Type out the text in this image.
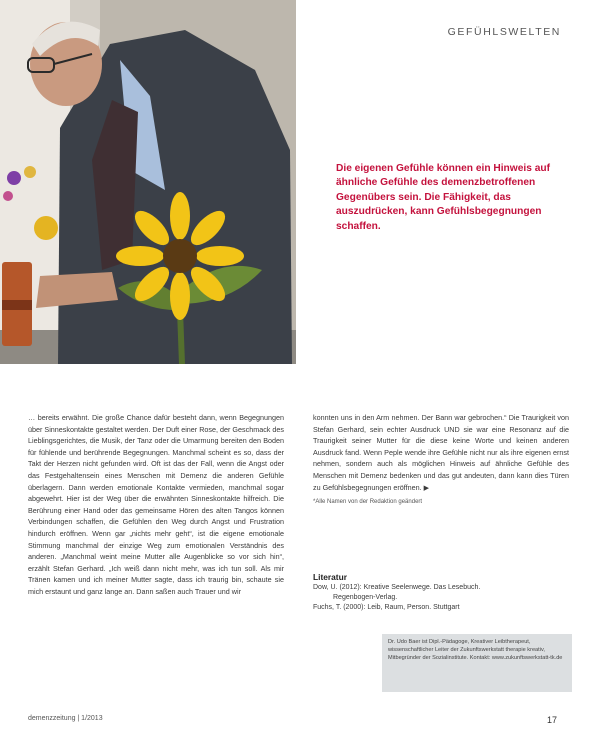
GEFÜHLSWELTEN

Die eigenen Gefühle können ein Hinweis auf ähnliche Gefühle des demenzbetroffenen Gegenübers sein. Die Fähigkeit, das auszudrücken, kann Gefühlsbegegnungen schaffen.

… bereits erwähnt. Die große Chance dafür besteht dann, wenn Begegnungen über Sinneskontakte gestaltet werden. Der Duft einer Rose, der Geschmack des Lieblingsgerichtes, die Musik, der Tanz oder die Umarmung bereiten den Boden für fühlende und berührende Begegnungen. Manchmal scheint es so, dass der Takt der Herzen nicht gefunden wird. Oft ist das der Fall, wenn die Angst oder das Festgehaltensein eines Menschen mit Demenz die anderen Gefühle überlagern. Dann werden emotionale Kontakte vermieden, manchmal sogar abgewehrt. Hier ist der Weg über die erwähnten Sinneskontakte hilfreich. Die Berührung einer Hand oder das gemeinsame Hören des alten Tangos können Verbindungen schaffen, die Gefühlen den Weg durch Angst und Frustration hindurch eröffnen. Wenn gar „nichts mehr geht“, ist die eigene emotionale Stimmung manchmal der einzige Weg zum emotionalen Verständnis des anderen. „Manchmal weint meine Mutter alle Augenblicke so vor sich hin“, erzählt Stefan Gerhard. „Ich weiß dann nicht mehr, was ich tun soll. Als mir Tränen kamen und ich meiner Mutter sagte, dass ich traurig bin, schaute sie mich erstaunt und ganz lange an. Dann saßen auch Trauer und wir

konnten uns in den Arm nehmen. Der Bann war gebrochen.“ Die Traurigkeit von Stefan Gerhard, sein echter Ausdruck UND sie war eine Resonanz auf die Traurigkeit seiner Mutter für die diese keine Worte und keinen anderen Ausdruck fand. Wenn Peple wende ihre Gefühle nicht nur als ihre eigenen ernst nehmen, sondern auch als möglichen Hinweis auf ähnliche Gefühle des Menschen mit Demenz bedenken und das gut andeuten, dann kann dies Türen zu Gefühlsbegegnungen eröffnen. ▶

*Alle Namen von der Redaktion geändert

Literatur

Dow, U. (2012): Kreative Seelenwege. Das Lesebuch.

Regenbogen-Verlag.

Fuchs, T. (2000): Leib, Raum, Person. Stuttgart

Dr. Udo Baer ist Dipl.-Pädagoge, Kreativer Leibtherapeut, wissenschaftlicher Leiter der Zukunftswerkstatt therapie kreativ, Mitbegründer der Sozialinstitute. Kontakt: www.zukunftswerkstatt-tk.de
demenzzeitung | 1/2013	17
